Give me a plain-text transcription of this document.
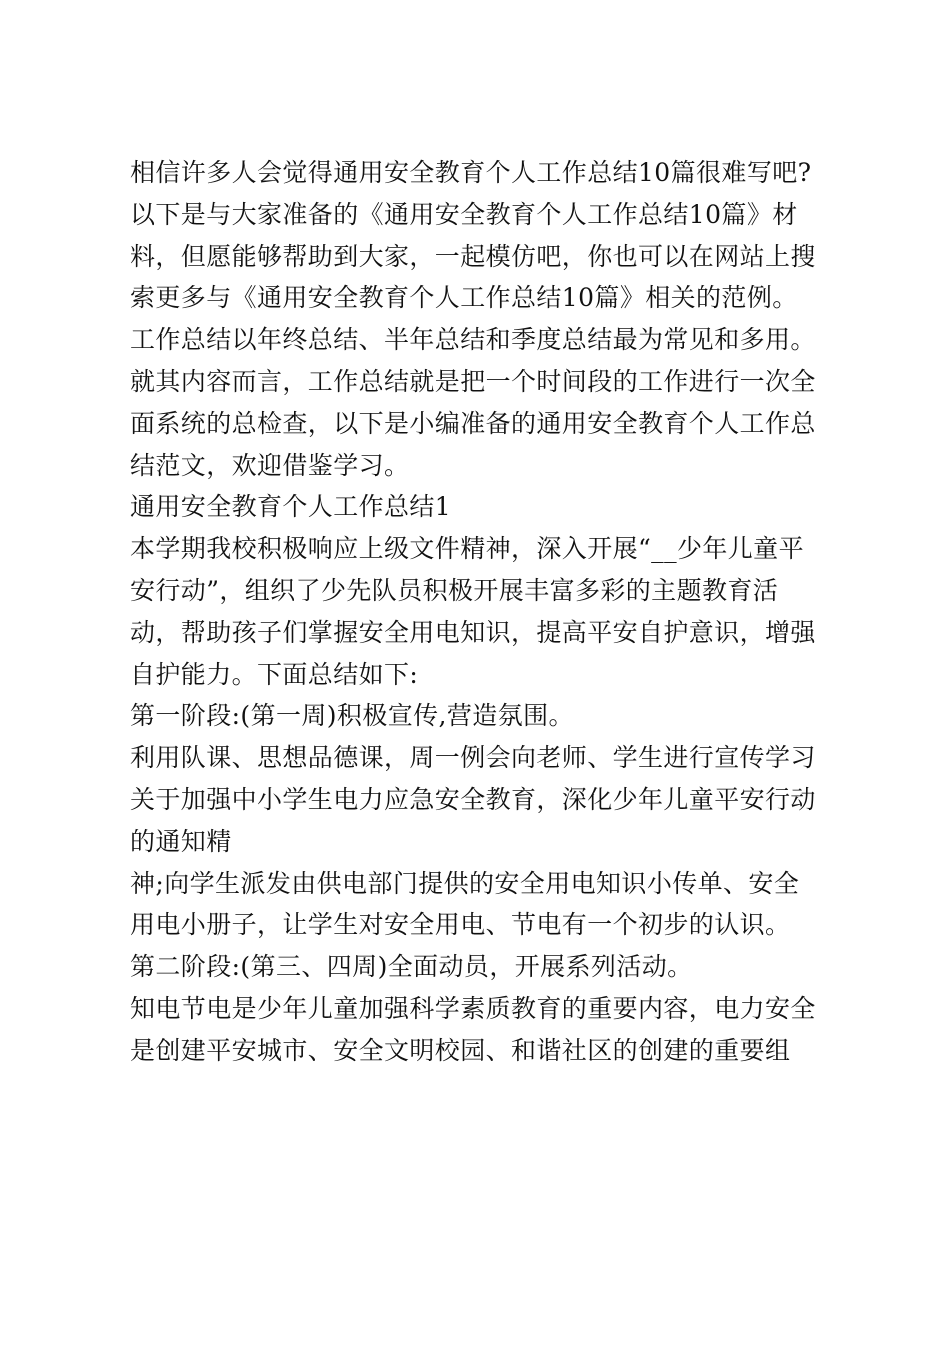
相信许多人会觉得通用安全教育个人工作总结10篇很难写吧?
以下是与大家准备的《通用安全教育个人工作总结10篇》材
料，但愿能够帮助到大家，一起模仿吧，你也可以在网站上搜
索更多与《通用安全教育个人工作总结10篇》相关的范例。
工作总结以年终总结、半年总结和季度总结最为常见和多用。
就其内容而言，工作总结就是把一个时间段的工作进行一次全
面系统的总检查，以下是小编准备的通用安全教育个人工作总
结范文，欢迎借鉴学习。
通用安全教育个人工作总结1
本学期我校积极响应上级文件精神，深入开展“__少年儿童平
安行动”，组织了少先队员积极开展丰富多彩的主题教育活
动，帮助孩子们掌握安全用电知识，提高平安自护意识，增强
自护能力。下面总结如下:
第一阶段:(第一周)积极宣传,营造氛围。
利用队课、思想品德课，周一例会向老师、学生进行宣传学习
关于加强中小学生电力应急安全教育，深化少年儿童平安行动
的通知精
神;向学生派发由供电部门提供的安全用电知识小传单、安全
用电小册子，让学生对安全用电、节电有一个初步的认识。
第二阶段:(第三、四周)全面动员，开展系列活动。
知电节电是少年儿童加强科学素质教育的重要内容，电力安全
是创建平安城市、安全文明校园、和谐社区的创建的重要组
